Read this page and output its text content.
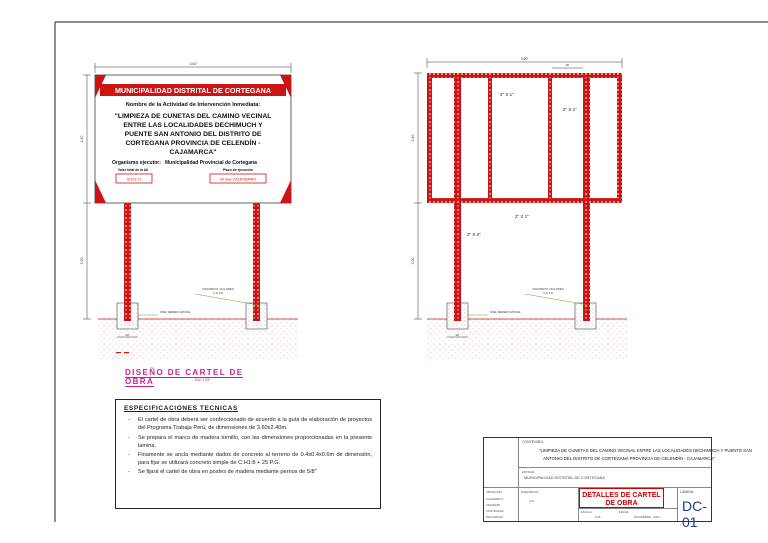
MUNICIPALIDAD DISTRITAL DE CORTEGANA
Nombre de la Actividad de Intervención Inmediata:
"LIMPIEZA DE CUNETAS DEL CAMINO VECINAL
ENTRE LAS LOCALIDADES DECHIMUCH Y
PUENTE SAN ANTONIO DEL DISTRITO DE
CORTEGANA PROVINCIA DE CELENDÍN -
CAJAMARCA"
Organismo ejecutor: Municipalidad Provincial de Cortegana
Valor total de la AII	Plazo de ejecución
S/223,71	30 días CALENDARIO
3.60
2.40
2.00
.40
CONCRETO: CICLOPEO
C:H 1:8
NIVEL TERRENO NATURAL
2" X 1"
2" X 1"
2" X 1"
2" X 4"
3.60
.90
2.40
2.00
.40
CONCRETO: CICLOPEO
C:H 1:8
NIVEL TERRENO NATURAL
DISEÑO DE CARTEL DE OBRA	Esc: 1/25
ESPECIFICACIONES TECNICAS
- El cartel de obra deberá ser confeccionado de acuerdo a la guía de elaboración de proyectos del Programa Trabaja Perú, de dimensiones de 3.60x2.40m.
- Se prepara el marco de madera tornillo, con las dimensiones proporcionadas en la presente lamina.
- Finamente se ancla mediante dados de concreto al terreno de 0.4x0.4x0.6m de dimensión, para fijar se utilizará concreto simple de C:H1:8 + 25 P.G.
- Se fijará el cartel de obra en postes de madera mediante pernos de 5/8"
CONTENIDO:
"LIMPIEZA DE CUNETAS DEL CAMINO VECINAL ENTRE LAS LOCALIDADES DECHIMUCH Y PUENTE SAN
ANTONIO DEL DISTRITO DE CORTEGANA PROVINCIA DE CELENDÍN - CAJAMARCA"
ENTIDAD:
MUNICIPALIDAD DISTRITAL DE CORTEGANA
UBICACIÓN:
CAJAMARCA
CELENDIN
CORTEGANA
DECHIMUCH
DISEÑADOR:
A.M.
DETALLES DE CARTEL DE OBRA
ESCALA:
1/25
FECHA:
NOVIEMBRE - 2020
LÁMINA:
DC-01
